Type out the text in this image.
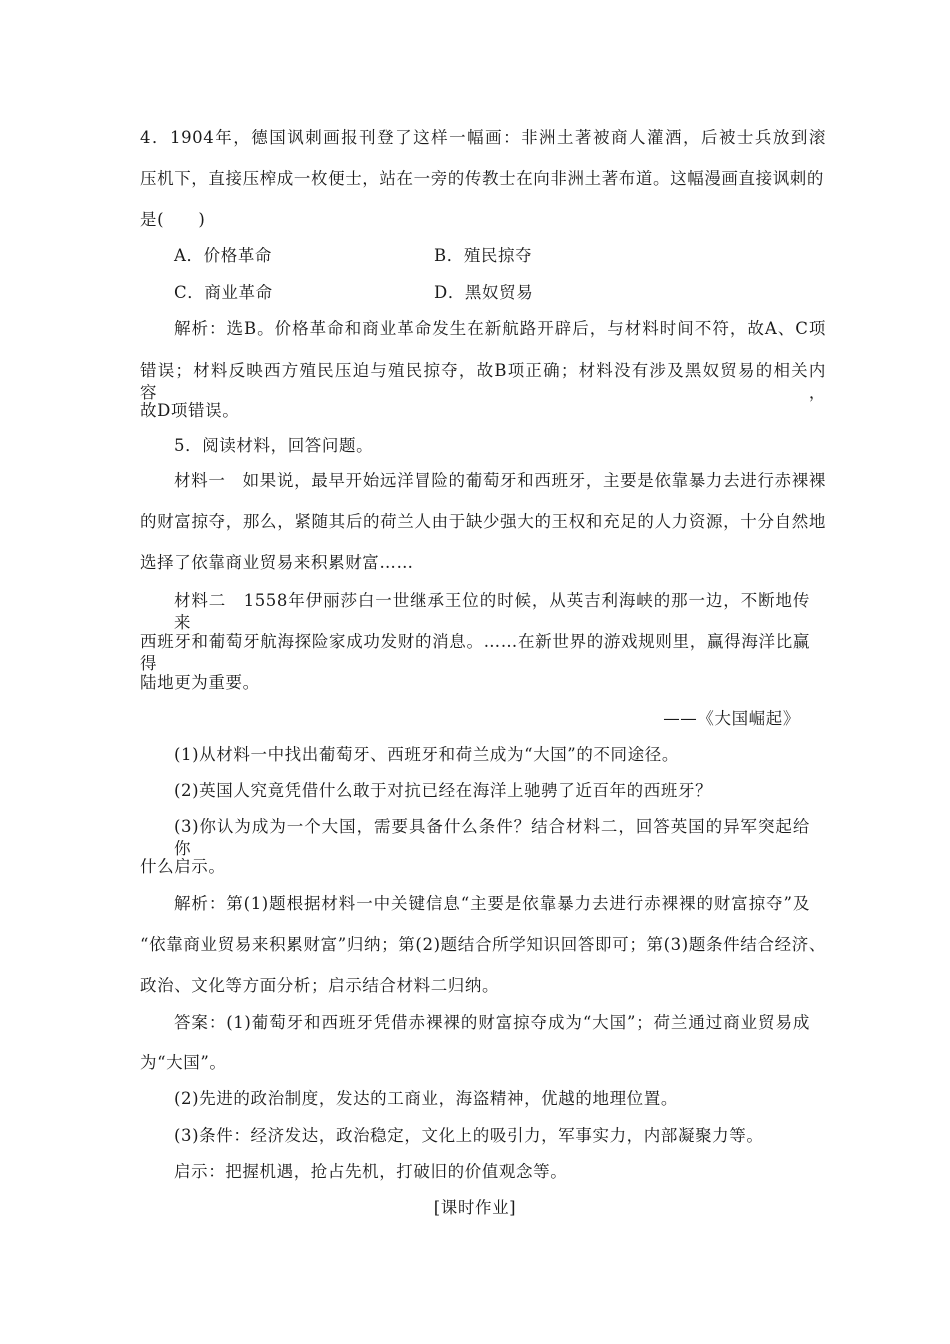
4．1904年，德国讽刺画报刊登了这样一幅画：非洲土著被商人灌酒，后被士兵放到滚
压机下，直接压榨成一枚便士，站在一旁的传教士在向非洲土著布道。这幅漫画直接讽刺的
是(　　)
A．价格革命	B．殖民掠夺
C．商业革命	D．黑奴贸易
解析：选B。价格革命和商业革命发生在新航路开辟后，与材料时间不符，故A、C项
错误；材料反映西方殖民压迫与殖民掠夺，故B项正确；材料没有涉及黑奴贸易的相关内容，
故D项错误。
5．阅读材料，回答问题。
材料一　如果说，最早开始远洋冒险的葡萄牙和西班牙，主要是依靠暴力去进行赤裸裸
的财富掠夺，那么，紧随其后的荷兰人由于缺少强大的王权和充足的人力资源，十分自然地
选择了依靠商业贸易来积累财富……
材料二　1558年伊丽莎白一世继承王位的时候，从英吉利海峡的那一边，不断地传来
西班牙和葡萄牙航海探险家成功发财的消息。……在新世界的游戏规则里，赢得海洋比赢得
陆地更为重要。
——《大国崛起》
(1)从材料一中找出葡萄牙、西班牙和荷兰成为“大国”的不同途径。
(2)英国人究竟凭借什么敢于对抗已经在海洋上驰骋了近百年的西班牙？
(3)你认为成为一个大国，需要具备什么条件？结合材料二，回答英国的异军突起给你
什么启示。
解析：第(1)题根据材料一中关键信息“主要是依靠暴力去进行赤裸裸的财富掠夺”及
“依靠商业贸易来积累财富”归纳；第(2)题结合所学知识回答即可；第(3)题条件结合经济、
政治、文化等方面分析；启示结合材料二归纳。
答案：(1)葡萄牙和西班牙凭借赤裸裸的财富掠夺成为“大国”；荷兰通过商业贸易成
为“大国”。
(2)先进的政治制度，发达的工商业，海盗精神，优越的地理位置。
(3)条件：经济发达，政治稳定，文化上的吸引力，军事实力，内部凝聚力等。
启示：把握机遇，抢占先机，打破旧的价值观念等。
[课时作业]
